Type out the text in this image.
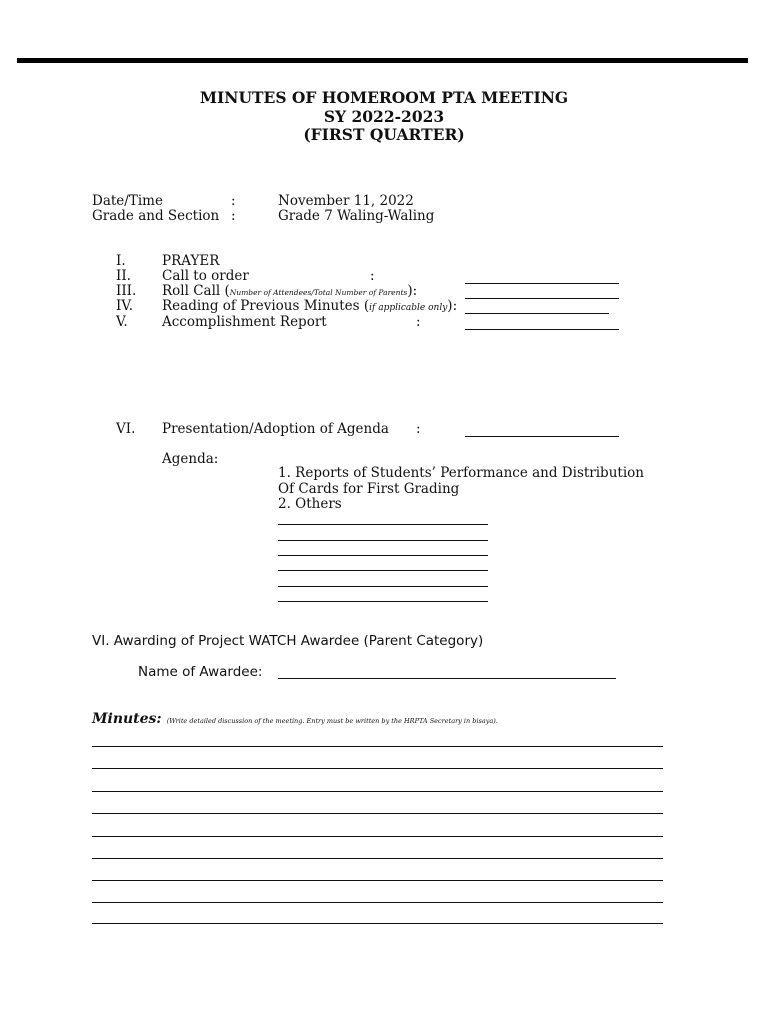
MINUTES OF HOMEROOM PTA MEETING
SY 2022-2023
(FIRST QUARTER)
Date/Time	:	November 11, 2022
Grade and Section :	Grade 7 Waling-Waling
I.	PRAYER
II. Call to order	:
III. Roll Call (Number of Attendees/Total Number of Parents):
IV. Reading of Previous Minutes (if applicable only):
V.	Accomplishment Report	:
VI. Presentation/Adoption of Agenda :
Agenda:
1. Reports of Students’ Performance and Distribution
Of Cards for First Grading
2. Others
VI. Awarding of Project WATCH Awardee (Parent Category)
Name of Awardee:
Minutes: (Write detailed discussion of the meeting. Entry must be written by the HRPTA Secretary in bisaya).
